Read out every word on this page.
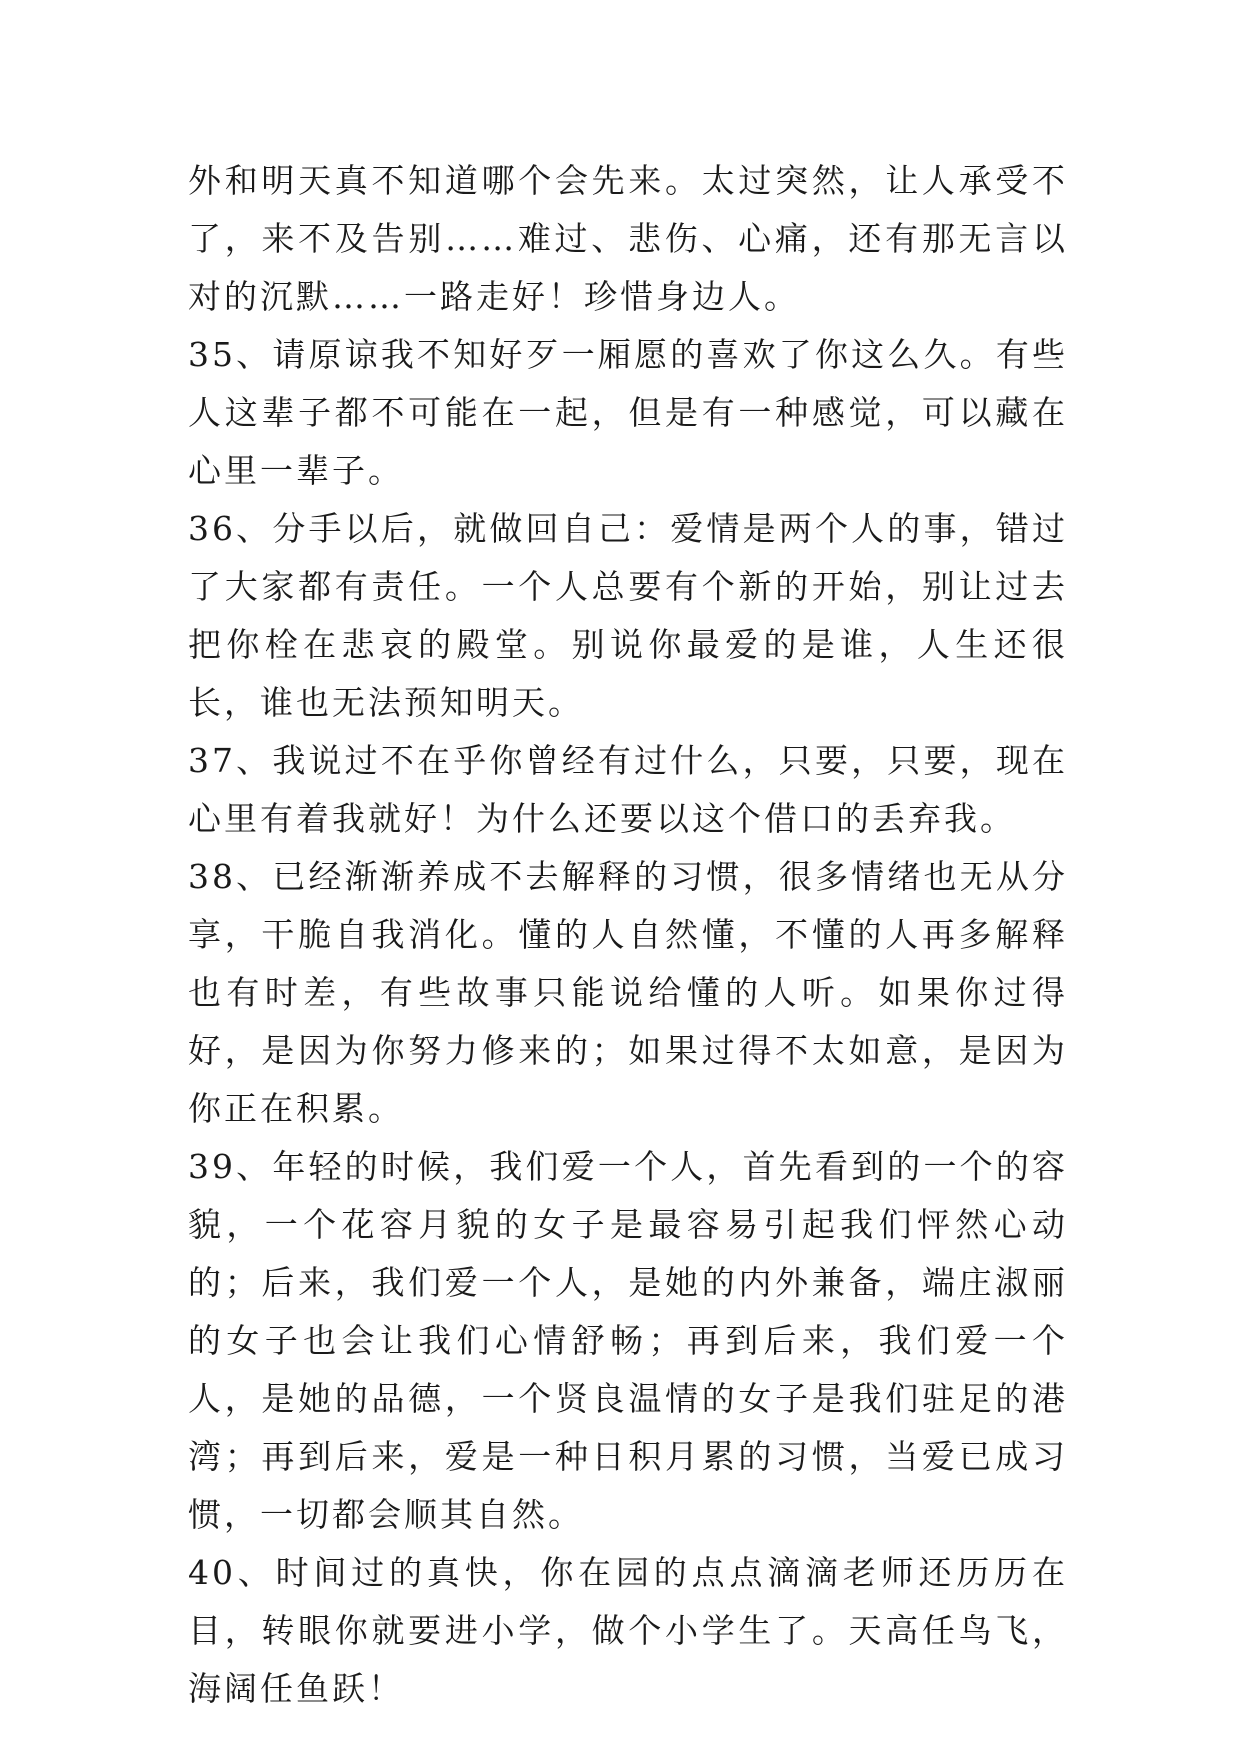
外和明天真不知道哪个会先来。太过突然，让人承受不了，来不及告别……难过、悲伤、心痛，还有那无言以对的沉默……一路走好！珍惜身边人。

35、请原谅我不知好歹一厢愿的喜欢了你这么久。有些人这辈子都不可能在一起，但是有一种感觉，可以藏在心里一辈子。

36、分手以后，就做回自己：爱情是两个人的事，错过了大家都有责任。一个人总要有个新的开始，别让过去把你栓在悲哀的殿堂。别说你最爱的是谁，人生还很长，谁也无法预知明天。

37、我说过不在乎你曾经有过什么，只要，只要，现在心里有着我就好！为什么还要以这个借口的丢弃我。

38、已经渐渐养成不去解释的习惯，很多情绪也无从分享，干脆自我消化。懂的人自然懂，不懂的人再多解释也有时差，有些故事只能说给懂的人听。如果你过得好，是因为你努力修来的；如果过得不太如意，是因为你正在积累。

39、年轻的时候，我们爱一个人，首先看到的一个的容貌，一个花容月貌的女子是最容易引起我们怦然心动的；后来，我们爱一个人，是她的内外兼备，端庄淑丽的女子也会让我们心情舒畅；再到后来，我们爱一个人，是她的品德，一个贤良温情的女子是我们驻足的港湾；再到后来，爱是一种日积月累的习惯，当爱已成习惯，一切都会顺其自然。

40、时间过的真快，你在园的点点滴滴老师还历历在目，转眼你就要进小学，做个小学生了。天高任鸟飞，海阔任鱼跃！
